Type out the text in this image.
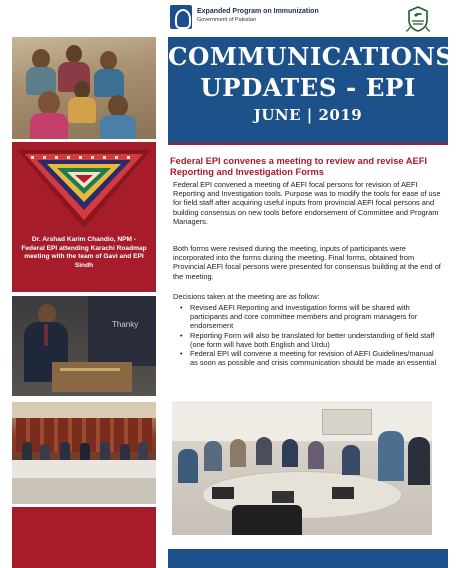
Expanded Program on Immunization
Government of Pakistan
Dr. Arshad Karim Chandio, NPM - Federal EPI attending Karachi Roadmap meeting with the team of Gavi and EPI Sindh
Thanky
COMMUNICATIONS
UPDATES - EPI
JUNE | 2019
Federal EPI convenes a meeting to review and revise AEFI Reporting and Investigation Forms
Federal EPI convened a meeting of AEFI focal persons for revision of AEFI Reporting and Investigation tools. Purpose was to modify the tools for ease of use for field staff after acquiring useful inputs from provincial AEFI focal persons and building consensus on new tools before endorsement of Committee and Program Managers.
Both forms were revised during the meeting, inputs of participants were incorporated into the forms during the meeting. Final forms, obtained from Provincial AEFI focal persons were presented for consensus building at the end of the meeting.
Decisions taken at the meeting are as follow:
• Revised AEFI Reporting and Investigation forms will be shared with participants and core committee members and program managers for endorsement
• Reporting Form will also be translated for better understanding of field staff (one form will have both English and Urdu)
• Federal EPI will convene a meeting for revision of AEFI Guidelines/manual as soon as possible and crisis communication should be made an essential
